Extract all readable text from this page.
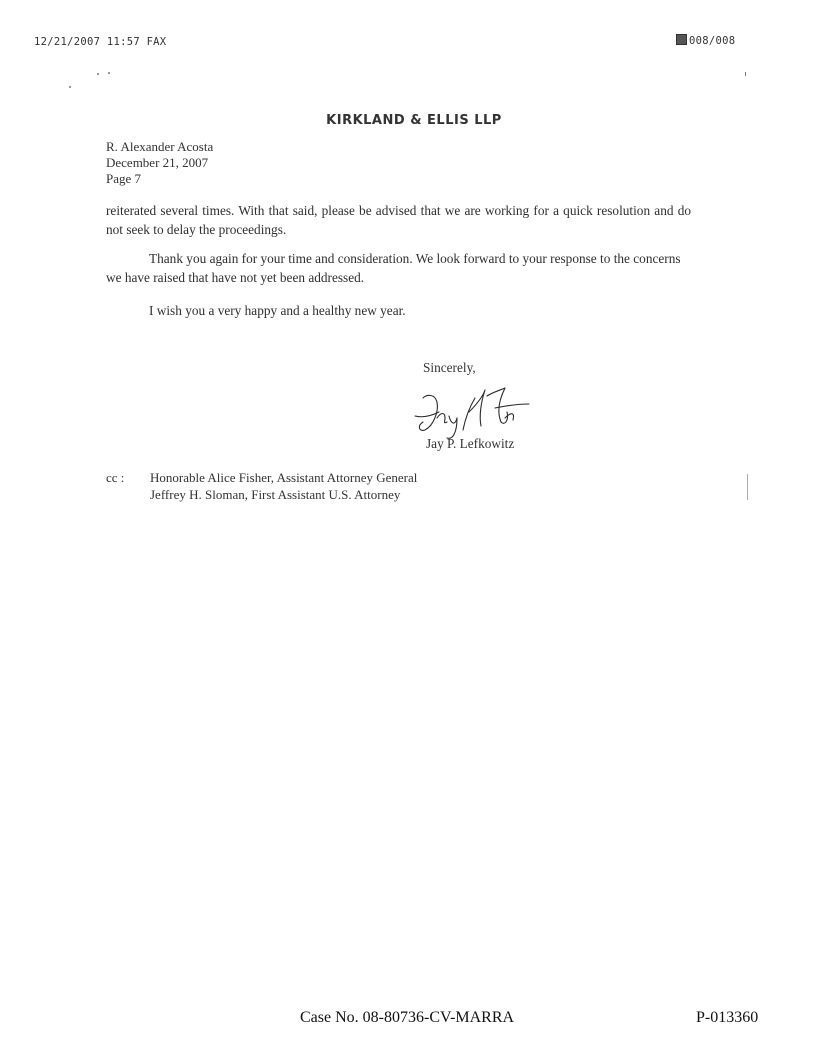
12/21/2007 11:57 FAX	008/008
KIRKLAND & ELLIS LLP
R. Alexander Acosta
December 21, 2007
Page 7
reiterated several times. With that said, please be advised that we are working for a quick resolution and do not seek to delay the proceedings.
Thank you again for your time and consideration. We look forward to your response to the concerns we have raised that have not yet been addressed.
I wish you a very happy and a healthy new year.
Sincerely,
Jay P. Lefkowitz
cc : Honorable Alice Fisher, Assistant Attorney General
Jeffrey H. Sloman, First Assistant U.S. Attorney
Case No. 08-80736-CV-MARRA	P-013360
